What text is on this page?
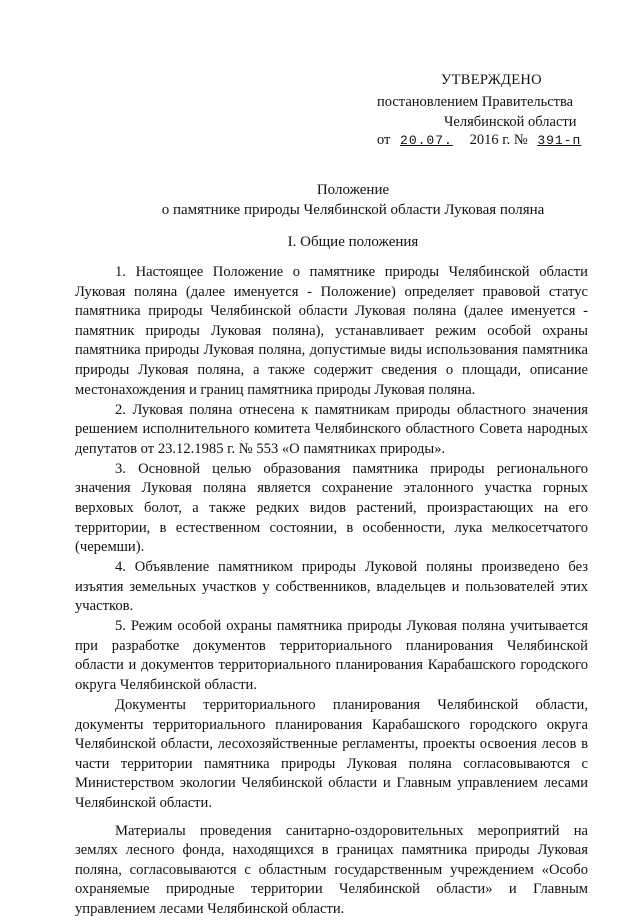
УТВЕРЖДЕНО
постановлением Правительства
Челябинской области
от 20.07. 2016 г. № 391-п
Положение
о памятнике природы Челябинской области Луковая поляна
I. Общие положения

1. Настоящее Положение о памятнике природы Челябинской области Луковая поляна (далее именуется - Положение) определяет правовой статус памятника природы Челябинской области Луковая поляна (далее именуется - памятник природы Луковая поляна), устанавливает режим особой охраны памятника природы Луковая поляна, допустимые виды использования памятника природы Луковая поляна, а также содержит сведения о площади, описание местонахождения и границ памятника природы Луковая поляна.

2. Луковая поляна отнесена к памятникам природы областного значения решением исполнительного комитета Челябинского областного Совета народных депутатов от 23.12.1985 г. № 553 «О памятниках природы».

3. Основной целью образования памятника природы регионального значения Луковая поляна является сохранение эталонного участка горных верховых болот, а также редких видов растений, произрастающих на его территории, в естественном состоянии, в особенности, лука мелкосетчатого (черемши).

4. Объявление памятником природы Луковой поляны произведено без изъятия земельных участков у собственников, владельцев и пользователей этих участков.

5. Режим особой охраны памятника природы Луковая поляна учитывается при разработке документов территориального планирования Челябинской области и документов территориального планирования Карабашского городского округа Челябинской области.

Документы территориального планирования Челябинской области, документы территориального планирования Карабашского городского округа Челябинской области, лесохозяйственные регламенты, проекты освоения лесов в части территории памятника природы Луковая поляна согласовываются с Министерством экологии Челябинской области и Главным управлением лесами Челябинской области.

Материалы проведения санитарно-оздоровительных мероприятий на землях лесного фонда, находящихся в границах памятника природы Луковая поляна, согласовываются с областным государственным учреждением «Особо охраняемые природные территории Челябинской области» и Главным управлением лесами Челябинской области.
